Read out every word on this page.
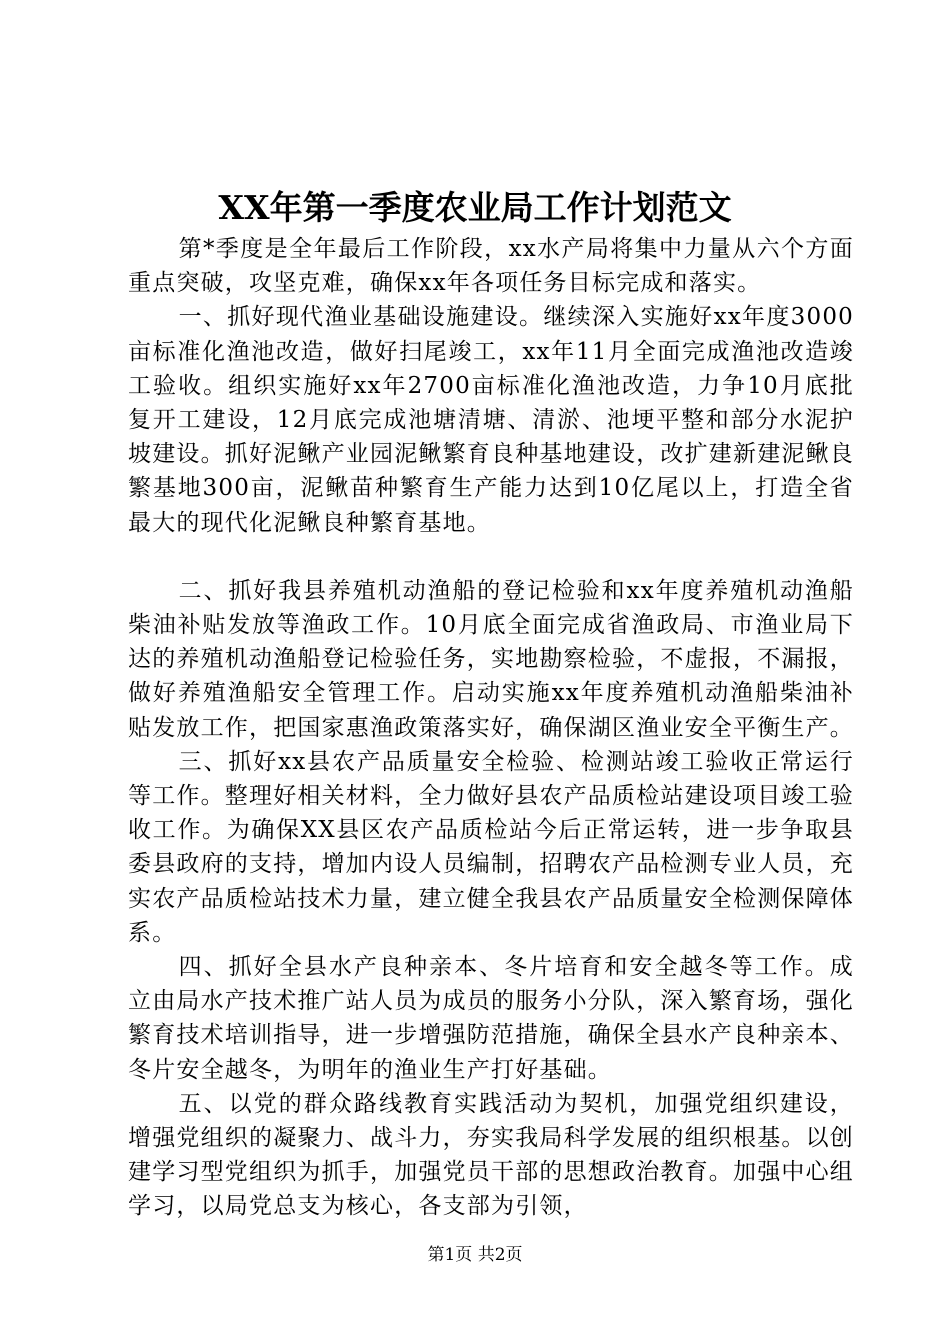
XX年第一季度农业局工作计划范文

第*季度是全年最后工作阶段，xx水产局将集中力量从六个方面重点突破，攻坚克难，确保xx年各项任务目标完成和落实。

一、抓好现代渔业基础设施建设。继续深入实施好xx年度3000亩标准化渔池改造，做好扫尾竣工，xx年11月全面完成渔池改造竣工验收。组织实施好xx年2700亩标准化渔池改造，力争10月底批复开工建设，12月底完成池塘清塘、清淤、池埂平整和部分水泥护坡建设。抓好泥鳅产业园泥鳅繁育良种基地建设，改扩建新建泥鳅良繁基地300亩，泥鳅苗种繁育生产能力达到10亿尾以上，打造全省最大的现代化泥鳅良种繁育基地。

二、抓好我县养殖机动渔船的登记检验和xx年度养殖机动渔船柴油补贴发放等渔政工作。10月底全面完成省渔政局、市渔业局下达的养殖机动渔船登记检验任务，实地勘察检验，不虚报，不漏报，做好养殖渔船安全管理工作。启动实施xx年度养殖机动渔船柴油补贴发放工作，把国家惠渔政策落实好，确保湖区渔业安全平衡生产。

三、抓好xx县农产品质量安全检验、检测站竣工验收正常运行等工作。整理好相关材料，全力做好县农产品质检站建设项目竣工验收工作。为确保XX县区农产品质检站今后正常运转，进一步争取县委县政府的支持，增加内设人员编制，招聘农产品检测专业人员，充实农产品质检站技术力量，建立健全我县农产品质量安全检测保障体系。

四、抓好全县水产良种亲本、冬片培育和安全越冬等工作。成立由局水产技术推广站人员为成员的服务小分队，深入繁育场，强化繁育技术培训指导，进一步增强防范措施，确保全县水产良种亲本、冬片安全越冬，为明年的渔业生产打好基础。

五、以党的群众路线教育实践活动为契机，加强党组织建设，增强党组织的凝聚力、战斗力，夯实我局科学发展的组织根基。以创建学习型党组织为抓手，加强党员干部的思想政治教育。加强中心组学习，以局党总支为核心，各支部为引领，

第1页 共2页
